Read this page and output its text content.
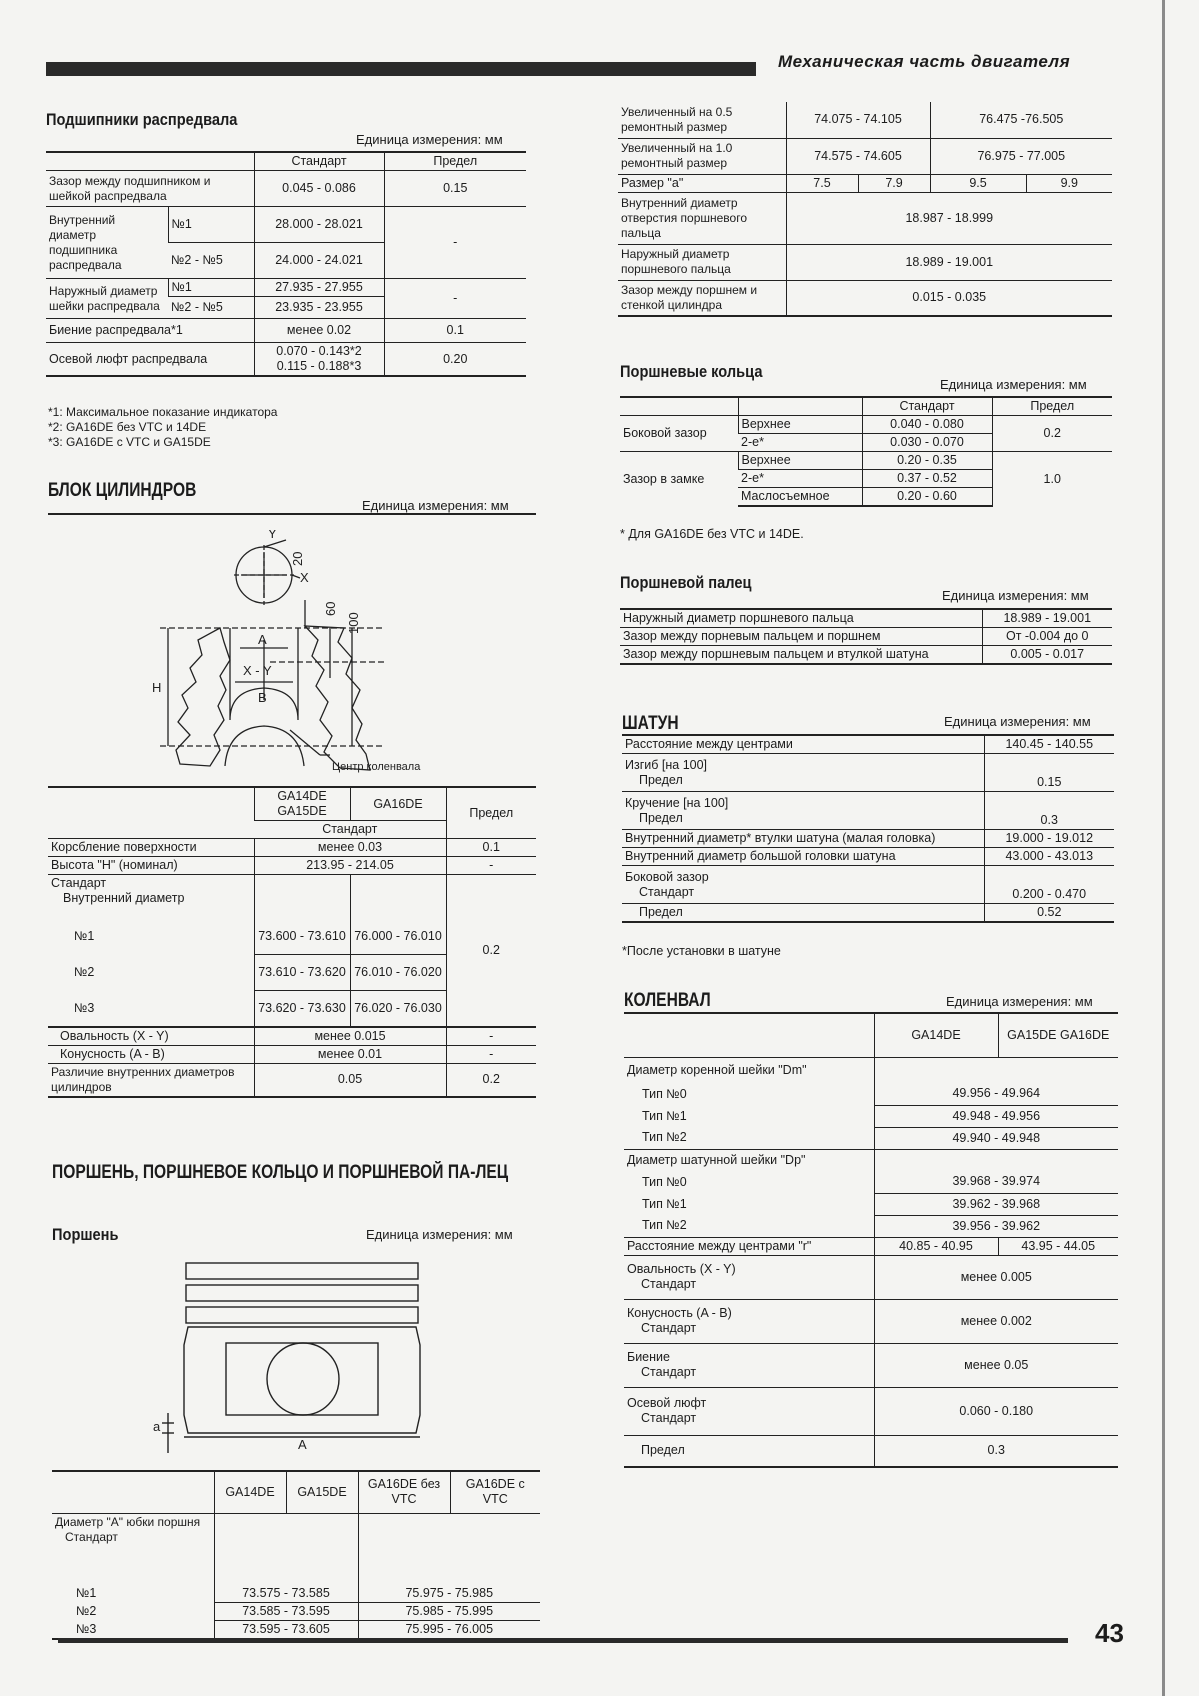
Механическая часть двигателя
Подшипники распредвала
Единица измерения: мм
		Стандарт	Предел
Зазор между подшипником и шейкой распредвала		0.045 - 0.086	0.15
Внутренний диаметр подшипника распредвала	№1	28.000 - 28.021	-
	№2 - №5	24.000 - 24.021	
Наружный диаметр шейки распредвала	№1	27.935 - 27.955	-
	№2 - №5	23.935 - 23.955	
Биение распредвала*1		менее 0.02	0.1
Осевой люфт распредвала		0.070 - 0.143*2
0.115 - 0.188*3	0.20
*1: Максимальное показание индикатора
*2: GA16DE без VTC и 14DE
*3: GA16DE с VTC и GA15DE
БЛОК ЦИЛИНДРОВ
Единица измерения: мм
Y
X
20
60
100
A
X - Y
B
H
Центр коленвала
	GA14DE GA15DE	GA16DE	Предел
	Стандарт		
Корсбление поверхности	менее 0.03		0.1
Высота "H" (номинал)	213.95 - 214.05		-
Стандарт
Внутренний диаметр			0.2
№1	73.600 - 73.610	76.000 - 76.010	
№2	73.610 - 73.620	76.010 - 76.020	
№3	73.620 - 73.630	76.020 - 76.030	
Овальность (X - Y)	менее 0.015		-
Конусность (A - B)	менее 0.01		-
Различие внутренних диаметров цилиндров	0.05		0.2
ПОРШЕНЬ, ПОРШНЕВОЕ КОЛЬЦО И ПОРШНЕВОЙ ПА-ЛЕЦ
Поршень	Единица измерения: мм
a
A
	GA14DE	GA15DE	GA16DE без VTC	GA16DE с VTC
Диаметр "A" юбки поршня
Стандарт				
№1	73.575 - 73.585		75.975 - 75.985	
№2	73.585 - 73.595		75.985 - 75.995	
№3	73.595 - 73.605		75.995 - 76.005	
Увеличенный на 0.5 ремонтный размер	74.075 - 74.105		76.475 -76.505	
Увеличенный на 1.0 ремонтный размер	74.575 - 74.605		76.975 - 77.005	
Размер "a"	7.5	7.9	9.5	9.9
Внутренний диаметр отверстия поршневого пальца	18.987 - 18.999			
Наружный диаметр поршневого пальца	18.989 - 19.001			
Зазор между поршнем и стенкой цилиндра	0.015 - 0.035			
Поршневые кольца
Единица измерения: мм
		Стандарт	Предел
Боковой зазор	Верхнее	0.040 - 0.080	0.2
	2-е*	0.030 - 0.070	
Зазор в замке	Верхнее	0.20 - 0.35	1.0
	2-е*	0.37 - 0.52	
	Маслосъемное	0.20 - 0.60	
* Для GA16DE без VTC и 14DE.
Поршневой палец
Единица измерения: мм
Наружный диаметр поршневого пальца	18.989 - 19.001
Зазор между порневым пальцем и поршнем	От -0.004 до 0
Зазор между поршневым пальцем и втулкой шатуна	0.005 - 0.017
ШАТУН	Единица измерения: мм
Расстояние между центрами	140.45 - 140.55
Изгиб [на 100]
Предел	0.15
Кручение [на 100]
Предел	0.3
Внутренний диаметр* втулки шатуна (малая головка)	19.000 - 19.012
Внутренний диаметр большой головки шатуна	43.000 - 43.013
Боковой зазор
Стандарт	0.200 - 0.470
Предел	0.52
*После установки в шатуне
КОЛЕНВАЛ	Единица измерения: мм
	GA14DE	GA15DE GA16DE
Диаметр коренной шейки "Dm"		
Тип №0	49.956 - 49.964	
Тип №1	49.948 - 49.956	
Тип №2	49.940 - 49.948	
Диаметр шатунной шейки "Dp"		
Тип №0	39.968 - 39.974	
Тип №1	39.962 - 39.968	
Тип №2	39.956 - 39.962	
Расстояние между центрами "r"	40.85 - 40.95	43.95 - 44.05
Овальность (X - Y)
Стандарт	менее 0.005	
Конусность (A - B)
Стандарт	менее 0.002	
Биение
Стандарт	менее 0.05	
Осевой люфт
Стандарт	0.060 - 0.180	
Предел	0.3	
43
